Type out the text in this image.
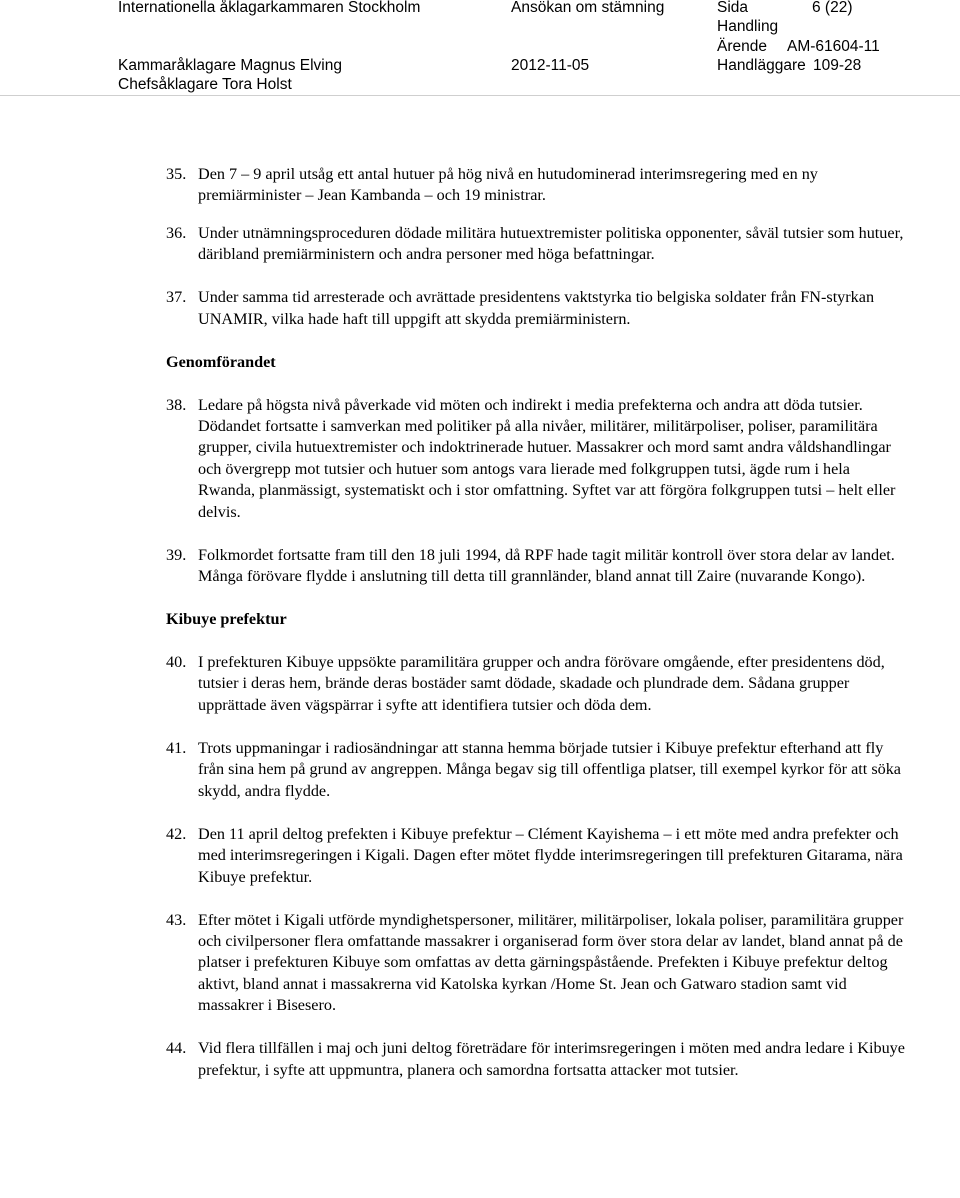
Internationella åklagarkammaren Stockholm	Ansökan om stämning	Sida	6 (22)
Handling
Ärende AM-61604-11
Kammaråklagare Magnus Elving	2012-11-05	Handläggare 109-28
Chefsåklagare Tora Holst
35. Den 7 – 9 april utsåg ett antal hutuer på hög nivå en hutudominerad interimsregering med en ny premiärminister – Jean Kambanda – och 19 ministrar.
36. Under utnämningsproceduren dödade militära hutuextremister politiska opponenter, såväl tutsier som hutuer, däribland premiärministern och andra personer med höga befattningar.
37. Under samma tid arresterade och avrättade presidentens vaktstyrka tio belgiska soldater från FN-styrkan UNAMIR, vilka hade haft till uppgift att skydda premiärministern.
Genomförandet
38. Ledare på högsta nivå påverkade vid möten och indirekt i media prefekterna och andra att döda tutsier. Dödandet fortsatte i samverkan med politiker på alla nivåer, militärer, militärpoliser, poliser, paramilitära grupper, civila hutuextremister och indoktrinerade hutuer. Massakrer och mord samt andra våldshandlingar och övergrepp mot tutsier och hutuer som antogs vara lierade med folkgruppen tutsi, ägde rum i hela Rwanda, planmässigt, systematiskt och i stor omfattning. Syftet var att förgöra folkgruppen tutsi – helt eller delvis.
39. Folkmordet fortsatte fram till den 18 juli 1994, då RPF hade tagit militär kontroll över stora delar av landet. Många förövare flydde i anslutning till detta till grannländer, bland annat till Zaire (nuvarande Kongo).
Kibuye prefektur
40. I prefekturen Kibuye uppsökte paramilitära grupper och andra förövare omgående, efter presidentens död, tutsier i deras hem, brände deras bostäder samt dödade, skadade och plundrade dem. Sådana grupper upprättade även vägspärrar i syfte att identifiera tutsier och döda dem.
41. Trots uppmaningar i radiosändningar att stanna hemma började tutsier i Kibuye prefektur efterhand att fly från sina hem på grund av angreppen. Många begav sig till offentliga platser, till exempel kyrkor för att söka skydd, andra flydde.
42. Den 11 april deltog prefekten i Kibuye prefektur – Clément Kayishema – i ett möte med andra prefekter och med interimsregeringen i Kigali. Dagen efter mötet flydde interimsregeringen till prefekturen Gitarama, nära Kibuye prefektur.
43. Efter mötet i Kigali utförde myndighetspersoner, militärer, militärpoliser, lokala poliser, paramilitära grupper och civilpersoner flera omfattande massakrer i organiserad form över stora delar av landet, bland annat på de platser i prefekturen Kibuye som omfattas av detta gärningspåstående. Prefekten i Kibuye prefektur deltog aktivt, bland annat i massakrerna vid Katolska kyrkan /Home St. Jean och Gatwaro stadion samt vid massakrer i Bisesero.
44. Vid flera tillfällen i maj och juni deltog företrädare för interimsregeringen i möten med andra ledare i Kibuye prefektur, i syfte att uppmuntra, planera och samordna fortsatta attacker mot tutsier.
